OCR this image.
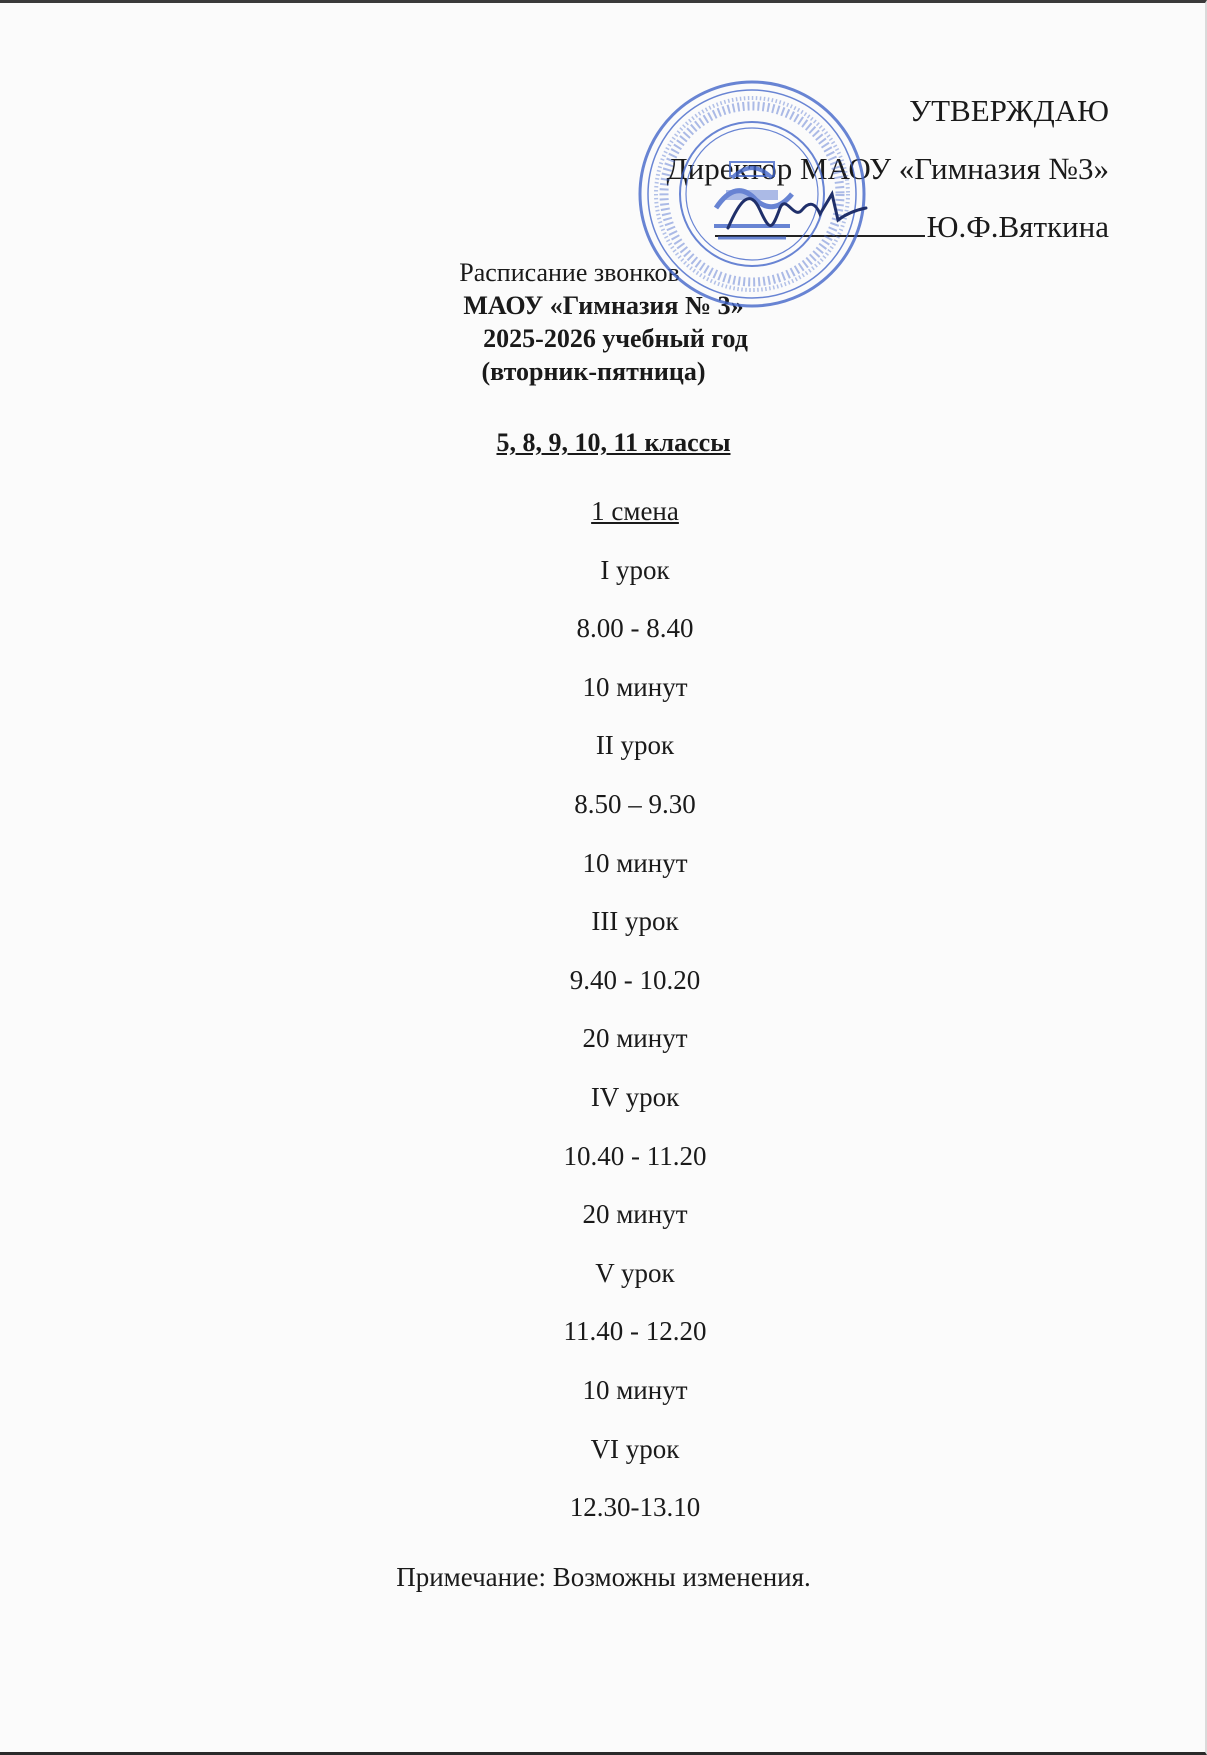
УТВЕРЖДАЮ
Директор МАОУ «Гимназия №3»
Ю.Ф.Вяткина
Расписание звонков
МАОУ «Гимназия № 3»
2025-2026 учебный год
(вторник-пятница)
5, 8, 9, 10, 11 классы
1 смена
I урок
8.00 - 8.40
10 минут
II урок
8.50 – 9.30
10 минут
III урок
9.40 - 10.20
20 минут
IV урок
10.40 - 11.20
20 минут
V урок
11.40 - 12.20
10 минут
VI урок
12.30-13.10
Примечание: Возможны изменения.
